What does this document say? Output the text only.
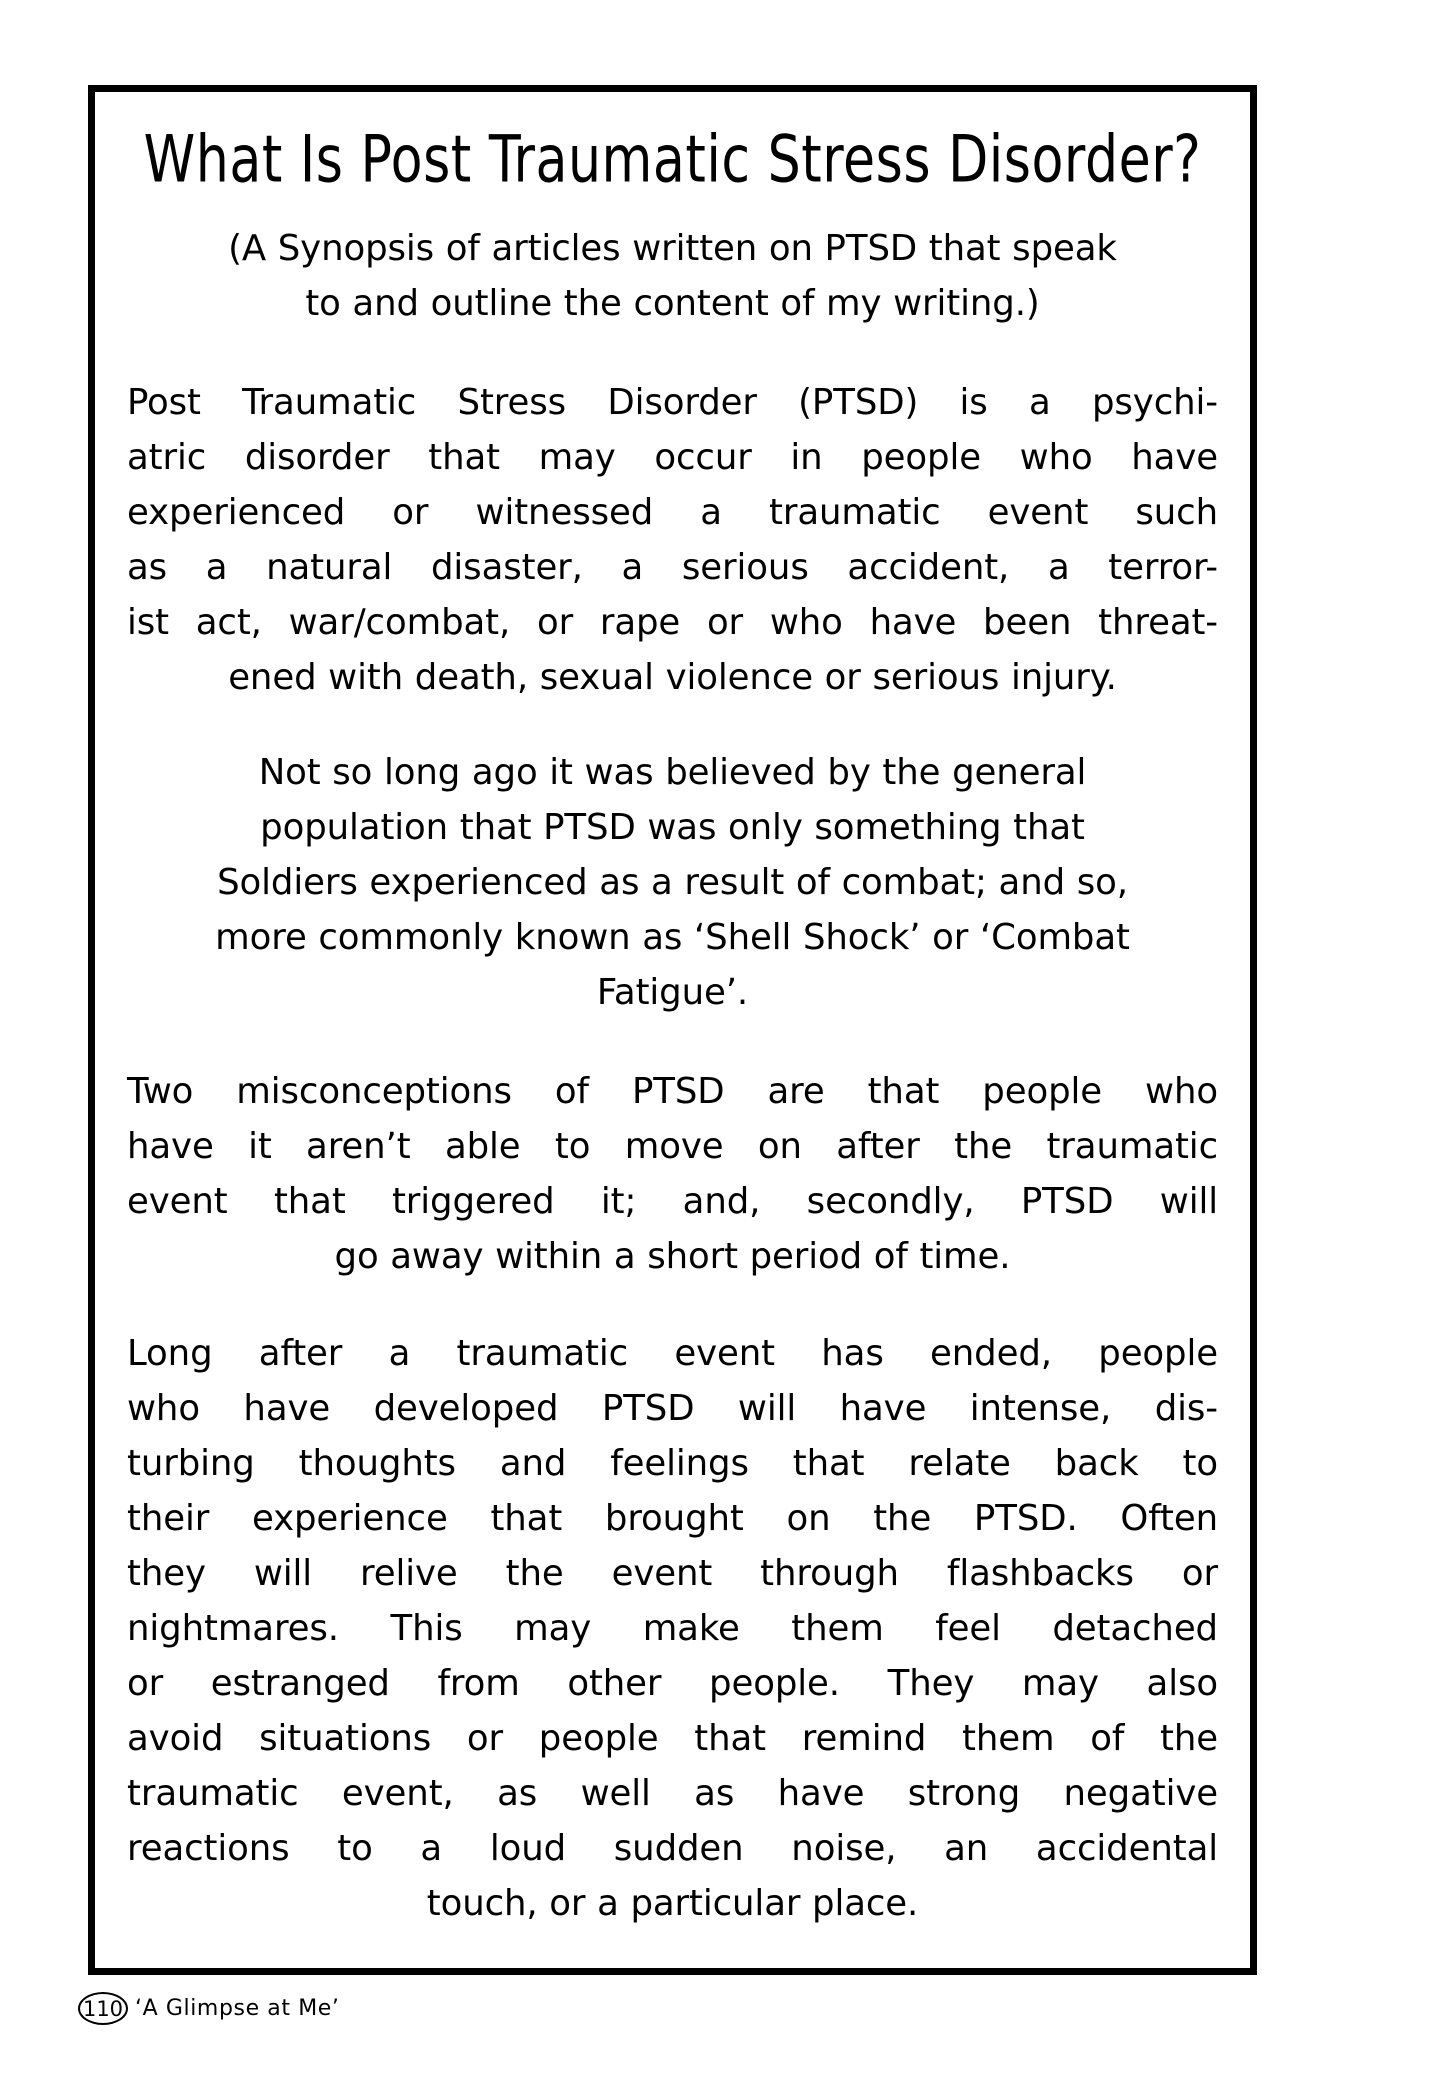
What Is Post Traumatic Stress Disorder?
(A Synopsis of articles written on PTSD that speak
to and outline the content of my writing.)
Post Traumatic Stress Disorder (PTSD) is a psychi-
atric disorder that may occur in people who have
experienced or witnessed a traumatic event such
as a natural disaster, a serious accident, a terror-
ist act, war/combat, or rape or who have been threat-
ened with death, sexual violence or serious injury.
Not so long ago it was believed by the general
population that PTSD was only something that
Soldiers experienced as a result of combat; and so,
more commonly known as ‘Shell Shock’ or ‘Combat
Fatigue’.
Two misconceptions of PTSD are that people who
have it aren’t able to move on after the traumatic
event that triggered it; and, secondly, PTSD will
go away within a short period of time.
Long after a traumatic event has ended, people
who have developed PTSD will have intense, dis-
turbing thoughts and feelings that relate back to
their experience that brought on the PTSD. Often
they will relive the event through flashbacks or
nightmares. This may make them feel detached
or estranged from other people. They may also
avoid situations or people that remind them of the
traumatic event, as well as have strong negative
reactions to a loud sudden noise, an accidental
touch, or a particular place.
110 ‘A Glimpse at Me’
